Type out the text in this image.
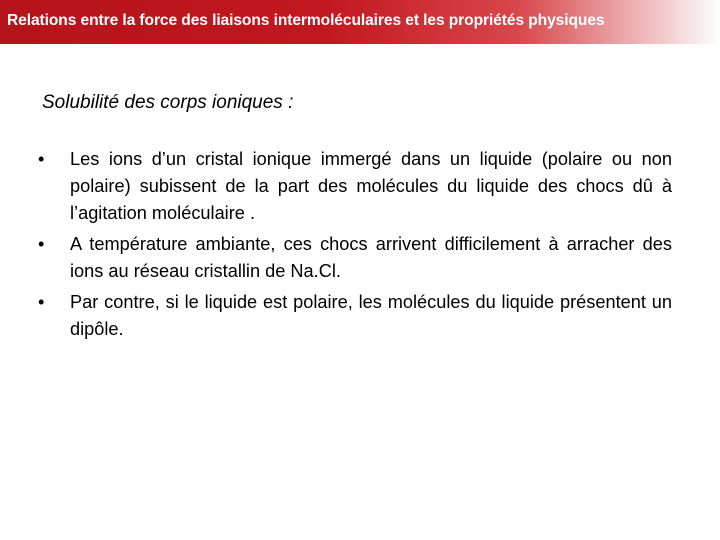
Relations entre la force des liaisons intermoléculaires et les propriétés physiques
Solubilité des corps ioniques :
•	Les ions d’un cristal ionique immergé dans un liquide (polaire ou non polaire) subissent de la part des molécules du liquide des chocs dû à l’agitation moléculaire .
•	A température ambiante, ces chocs arrivent difficilement à arracher des ions au réseau cristallin de Na.Cl.
•	Par contre, si le liquide est polaire, les molécules du liquide présentent un dipôle.
